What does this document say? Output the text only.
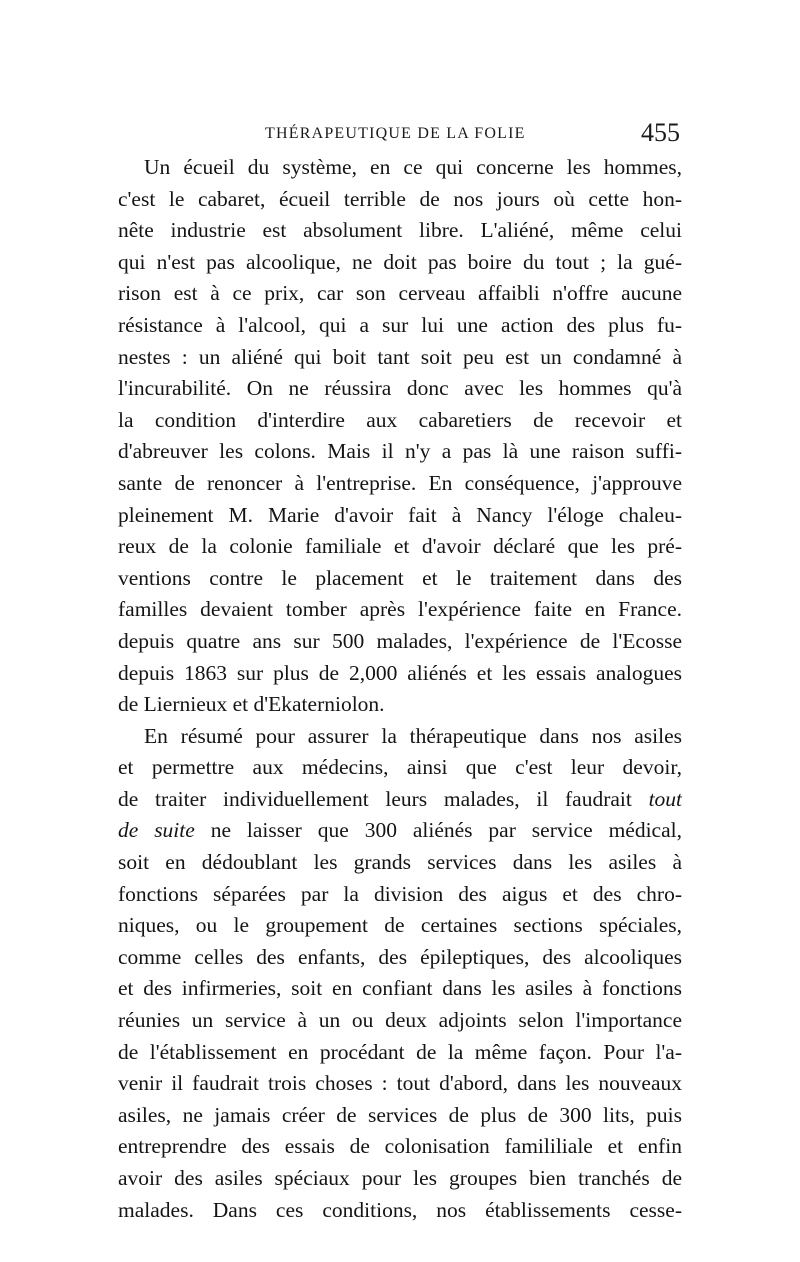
THÉRAPEUTIQUE DE LA FOLIE	455
Un écueil du système, en ce qui concerne les hommes,
c'est le cabaret, écueil terrible de nos jours où cette hon-
nête industrie est absolument libre. L'aliéné, même celui
qui n'est pas alcoolique, ne doit pas boire du tout ; la gué-
rison est à ce prix, car son cerveau affaibli n'offre aucune
résistance à l'alcool, qui a sur lui une action des plus fu-
nestes : un aliéné qui boit tant soit peu est un condamné à
l'incurabilité. On ne réussira donc avec les hommes qu'à
la condition d'interdire aux cabaretiers de recevoir et
d'abreuver les colons. Mais il n'y a pas là une raison suffi-
sante de renoncer à l'entreprise. En conséquence, j'approuve
pleinement M. Marie d'avoir fait à Nancy l'éloge chaleu-
reux de la colonie familiale et d'avoir déclaré que les pré-
ventions contre le placement et le traitement dans des
familles devaient tomber après l'expérience faite en France.
depuis quatre ans sur 500 malades, l'expérience de l'Ecosse
depuis 1863 sur plus de 2,000 aliénés et les essais analogues
de Liernieux et d'Ekaterniolon.
En résumé pour assurer la thérapeutique dans nos asiles
et permettre aux médecins, ainsi que c'est leur devoir,
de traiter individuellement leurs malades, il faudrait tout
de suite ne laisser que 300 aliénés par service médical,
soit en dédoublant les grands services dans les asiles à
fonctions séparées par la division des aigus et des chro-
niques, ou le groupement de certaines sections spéciales,
comme celles des enfants, des épileptiques, des alcooliques
et des infirmeries, soit en confiant dans les asiles à fonctions
réunies un service à un ou deux adjoints selon l'importance
de l'établissement en procédant de la même façon. Pour l'a-
venir il faudrait trois choses : tout d'abord, dans les nouveaux
asiles, ne jamais créer de services de plus de 300 lits, puis
entreprendre des essais de colonisation famililiale et enfin
avoir des asiles spéciaux pour les groupes bien tranchés de
malades. Dans ces conditions, nos établissements cesse-
